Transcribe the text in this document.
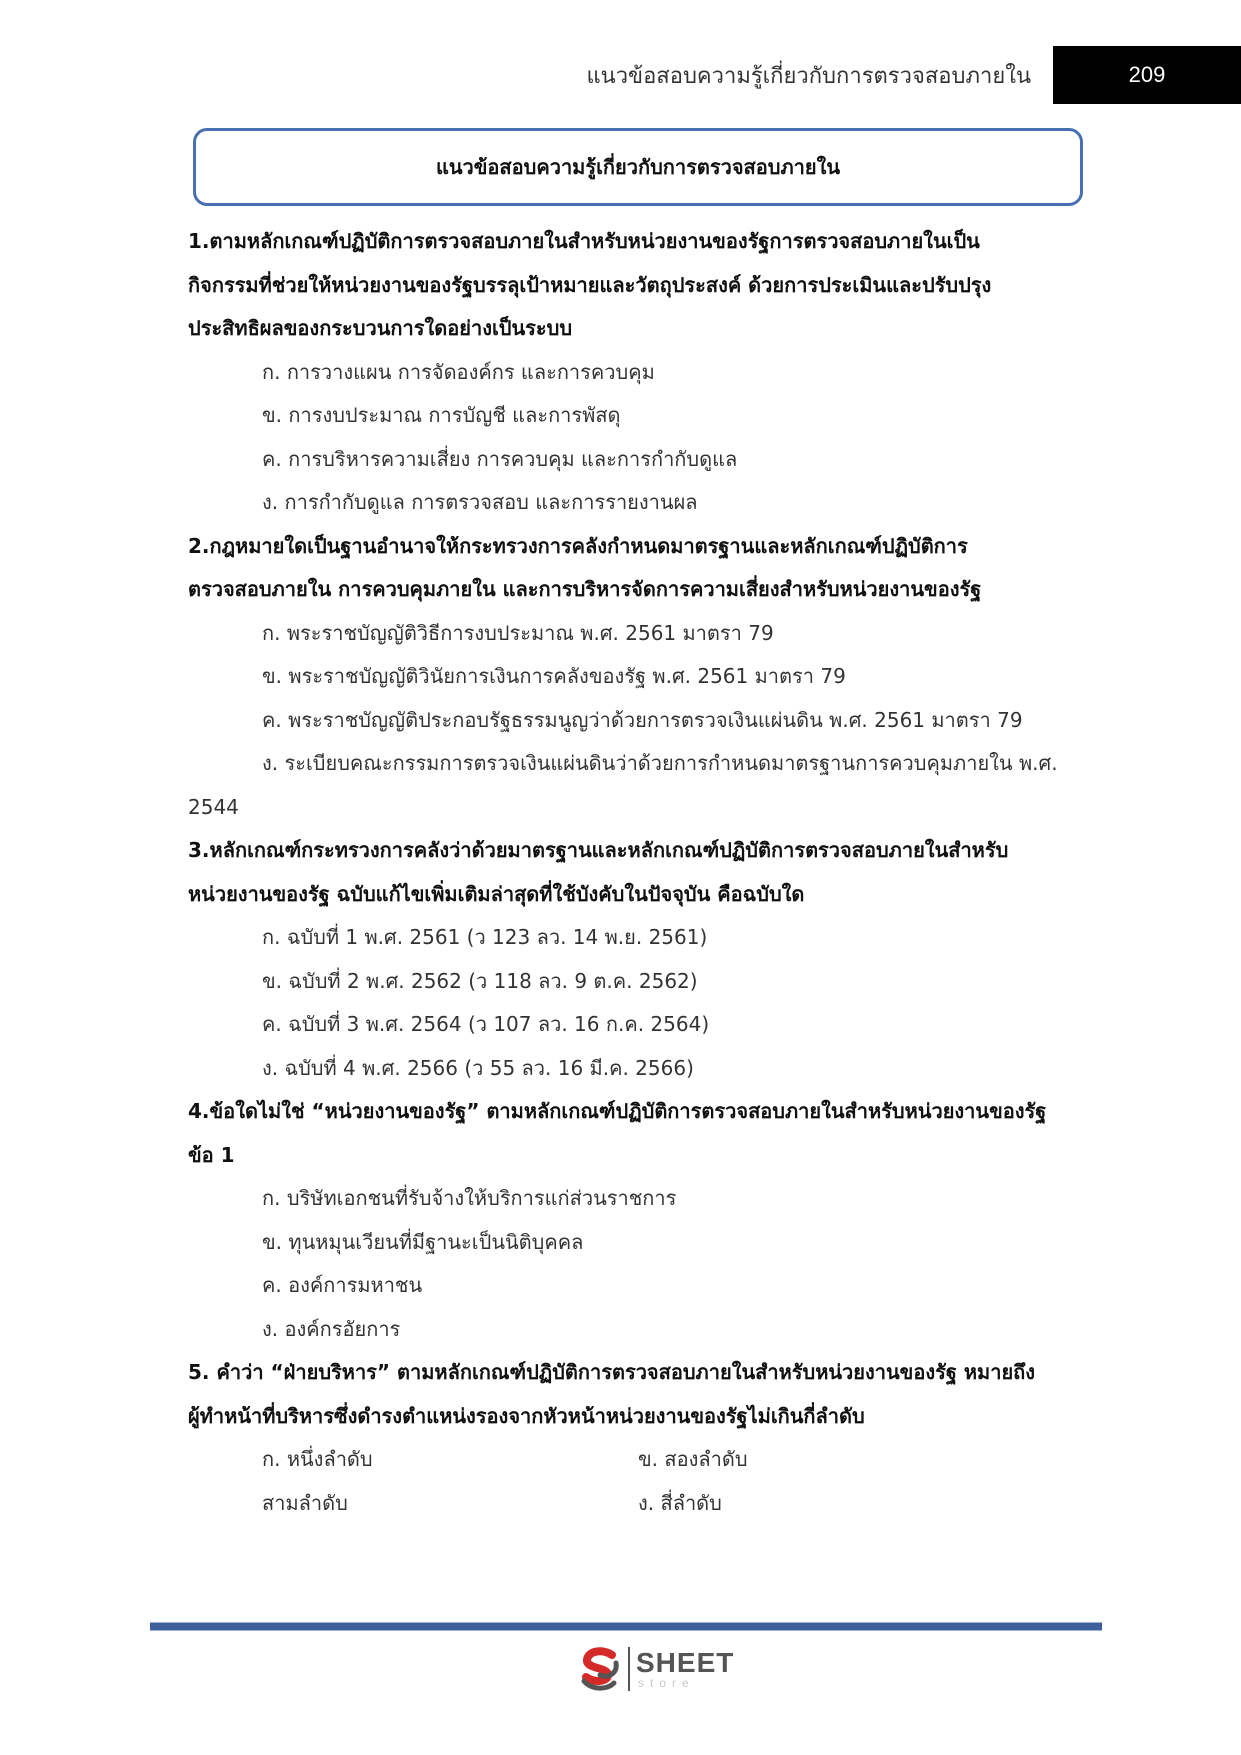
แนวข้อสอบความรู้เกี่ยวกับการตรวจสอบภายใน	209
แนวข้อสอบความรู้เกี่ยวกับการตรวจสอบภายใน
1.ตามหลักเกณฑ์ปฏิบัติการตรวจสอบภายในสำหรับหน่วยงานของรัฐการตรวจสอบภายในเป็น
กิจกรรมที่ช่วยให้หน่วยงานของรัฐบรรลุเป้าหมายและวัตถุประสงค์ ด้วยการประเมินและปรับปรุง
ประสิทธิผลของกระบวนการใดอย่างเป็นระบบ
ก. การวางแผน การจัดองค์กร และการควบคุม
ข. การงบประมาณ การบัญชี และการพัสดุ
ค. การบริหารความเสี่ยง การควบคุม และการกำกับดูแล
ง. การกำกับดูแล การตรวจสอบ และการรายงานผล
2.กฎหมายใดเป็นฐานอำนาจให้กระทรวงการคลังกำหนดมาตรฐานและหลักเกณฑ์ปฏิบัติการ
ตรวจสอบภายใน การควบคุมภายใน และการบริหารจัดการความเสี่ยงสำหรับหน่วยงานของรัฐ
ก. พระราชบัญญัติวิธีการงบประมาณ พ.ศ. 2561 มาตรา 79
ข. พระราชบัญญัติวินัยการเงินการคลังของรัฐ พ.ศ. 2561 มาตรา 79
ค. พระราชบัญญัติประกอบรัฐธรรมนูญว่าด้วยการตรวจเงินแผ่นดิน พ.ศ. 2561 มาตรา 79
ง. ระเบียบคณะกรรมการตรวจเงินแผ่นดินว่าด้วยการกำหนดมาตรฐานการควบคุมภายใน พ.ศ.
2544
3.หลักเกณฑ์กระทรวงการคลังว่าด้วยมาตรฐานและหลักเกณฑ์ปฏิบัติการตรวจสอบภายในสำหรับ
หน่วยงานของรัฐ ฉบับแก้ไขเพิ่มเติมล่าสุดที่ใช้บังคับในปัจจุบัน คือฉบับใด
ก. ฉบับที่ 1 พ.ศ. 2561 (ว 123 ลว. 14 พ.ย. 2561)
ข. ฉบับที่ 2 พ.ศ. 2562 (ว 118 ลว. 9 ต.ค. 2562)
ค. ฉบับที่ 3 พ.ศ. 2564 (ว 107 ลว. 16 ก.ค. 2564)
ง. ฉบับที่ 4 พ.ศ. 2566 (ว 55 ลว. 16 มี.ค. 2566)
4.ข้อใดไม่ใช่ “หน่วยงานของรัฐ” ตามหลักเกณฑ์ปฏิบัติการตรวจสอบภายในสำหรับหน่วยงานของรัฐ
ข้อ 1
ก. บริษัทเอกชนที่รับจ้างให้บริการแก่ส่วนราชการ
ข. ทุนหมุนเวียนที่มีฐานะเป็นนิติบุคคล
ค. องค์การมหาชน
ง. องค์กรอัยการ
5. คำว่า “ฝ่ายบริหาร” ตามหลักเกณฑ์ปฏิบัติการตรวจสอบภายในสำหรับหน่วยงานของรัฐ หมายถึง
ผู้ทำหน้าที่บริหารซึ่งดำรงตำแหน่งรองจากหัวหน้าหน่วยงานของรัฐไม่เกินกี่ลำดับ
ก. หนึ่งลำดับ	ข. สองลำดับ
สามลำดับ	ง. สี่ลำดับ
SHEET
store
